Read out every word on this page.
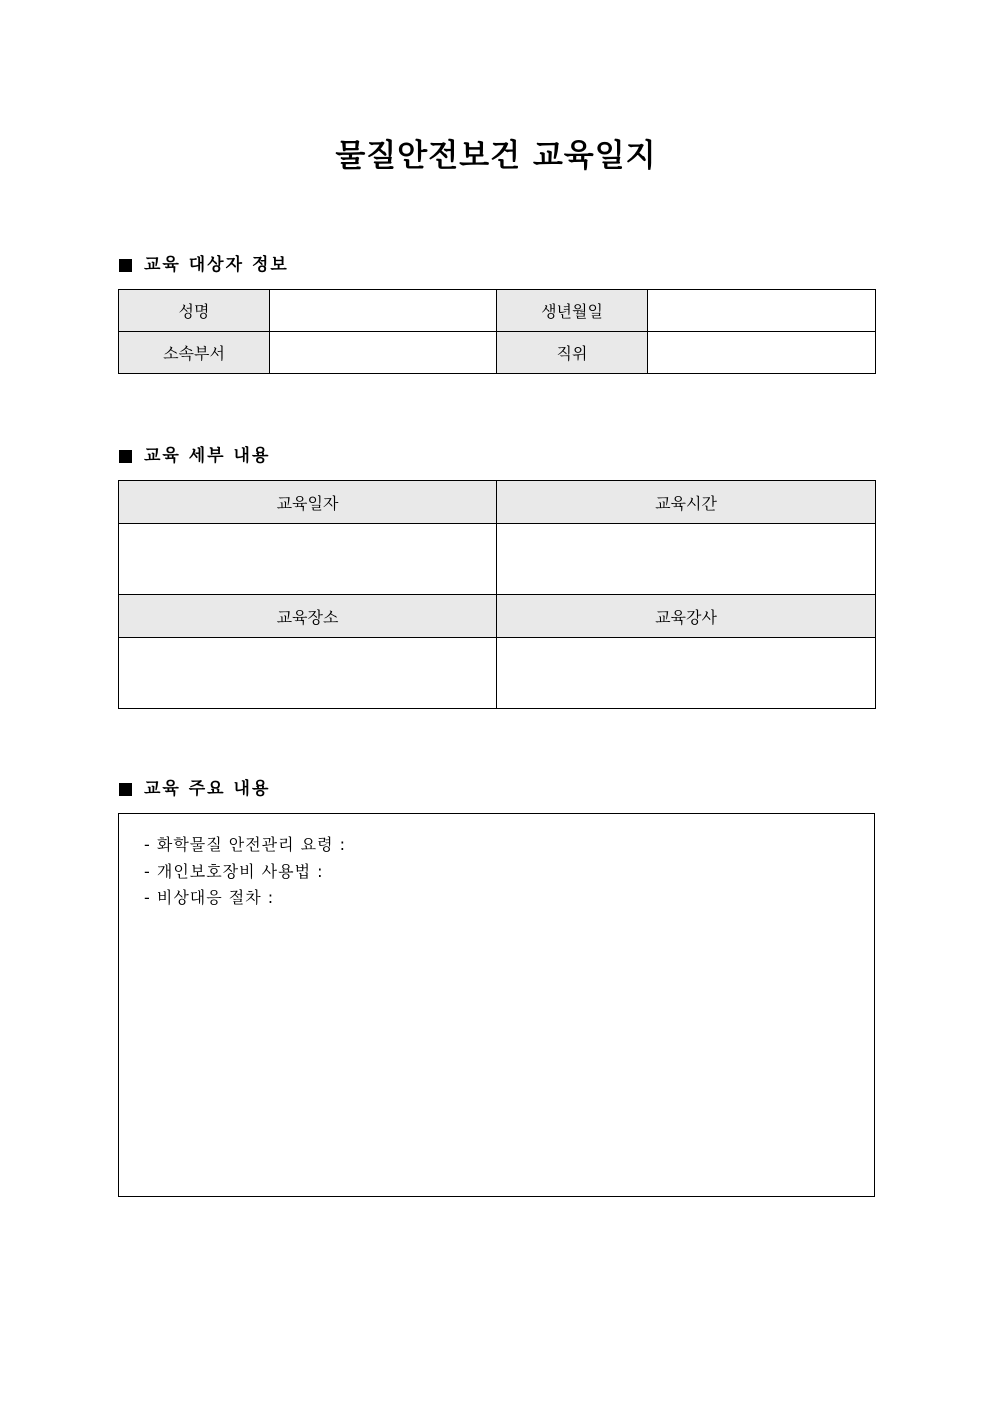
물질안전보건 교육일지
교육 대상자 정보
성명		생년월일	
소속부서		직위	
교육 세부 내용
교육일자	교육시간

교육장소	교육강사

교육 주요 내용
- 화학물질 안전관리 요령 :
- 개인보호장비 사용법 :
- 비상대응 절차 :
